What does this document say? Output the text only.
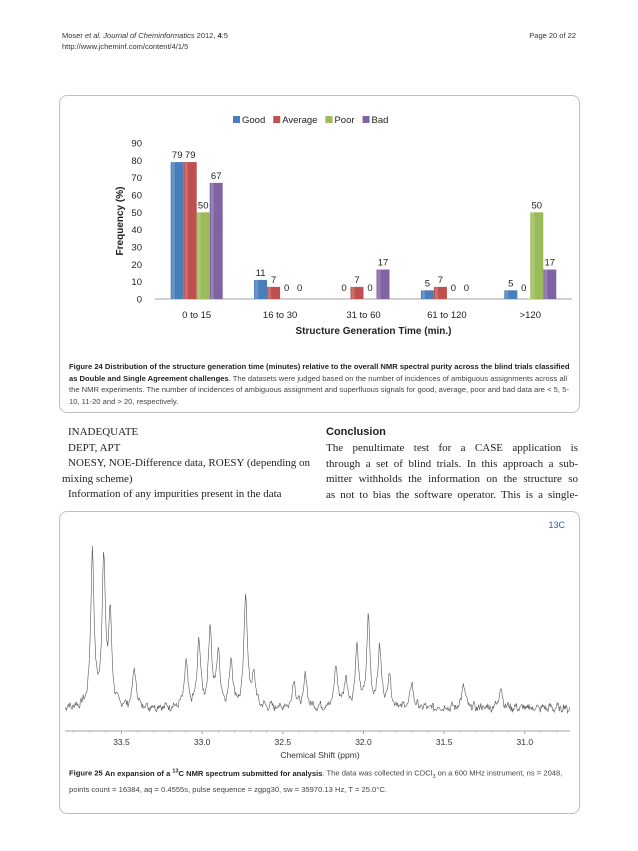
Moser et al. Journal of Cheminformatics 2012, 4:5
http://www.jcheminf.com/content/4/1/5
Page 20 of 22
Good Average Poor Bad
0
10
20
30
40
50
60
70
80
90
79 79
50
67
0 to 15
11
7
0 0
16 to 30
0
7
0
17
31 to 60
5 7
0 0
61 to 120
5 0
50
17
>120
Frequency (%)
Structure Generation Time (min.)
Figure 24 Distribution of the structure generation time (minutes) relative to the overall NMR spectral purity across the blind trials classified as Double and Single Agreement challenges. The datasets were judged based on the number of incidences of ambiguous assignments across all the NMR experiments. The number of incidences of ambiguous assignment and superfluous signals for good, average, poor and bad data are < 5, 5-10, 11-20 and > 20, respectively.
INADEQUATE
DEPT, APT
NOESY, NOE-Difference data, ROESY (depending on
mixing scheme)
Information of any impurities present in the data
Conclusion
The penultimate test for a CASE application is
through a set of blind trials. In this approach a sub-
mitter withholds the information on the structure so
as not to bias the software operator. This is a single-
13C
33.5	33.0	32.5	32.0	31.5	31.0
Chemical Shift (ppm)
Figure 25 An expansion of a $^{13}$C NMR spectrum submitted for analysis. The data was collected in CDCl$_3$ on a 600 MHz instrument, ns = 2048, points count = 16384, aq = 0.4555s, pulse sequence = zgpg30, sw = 35970.13 Hz, T = 25.0°C.
